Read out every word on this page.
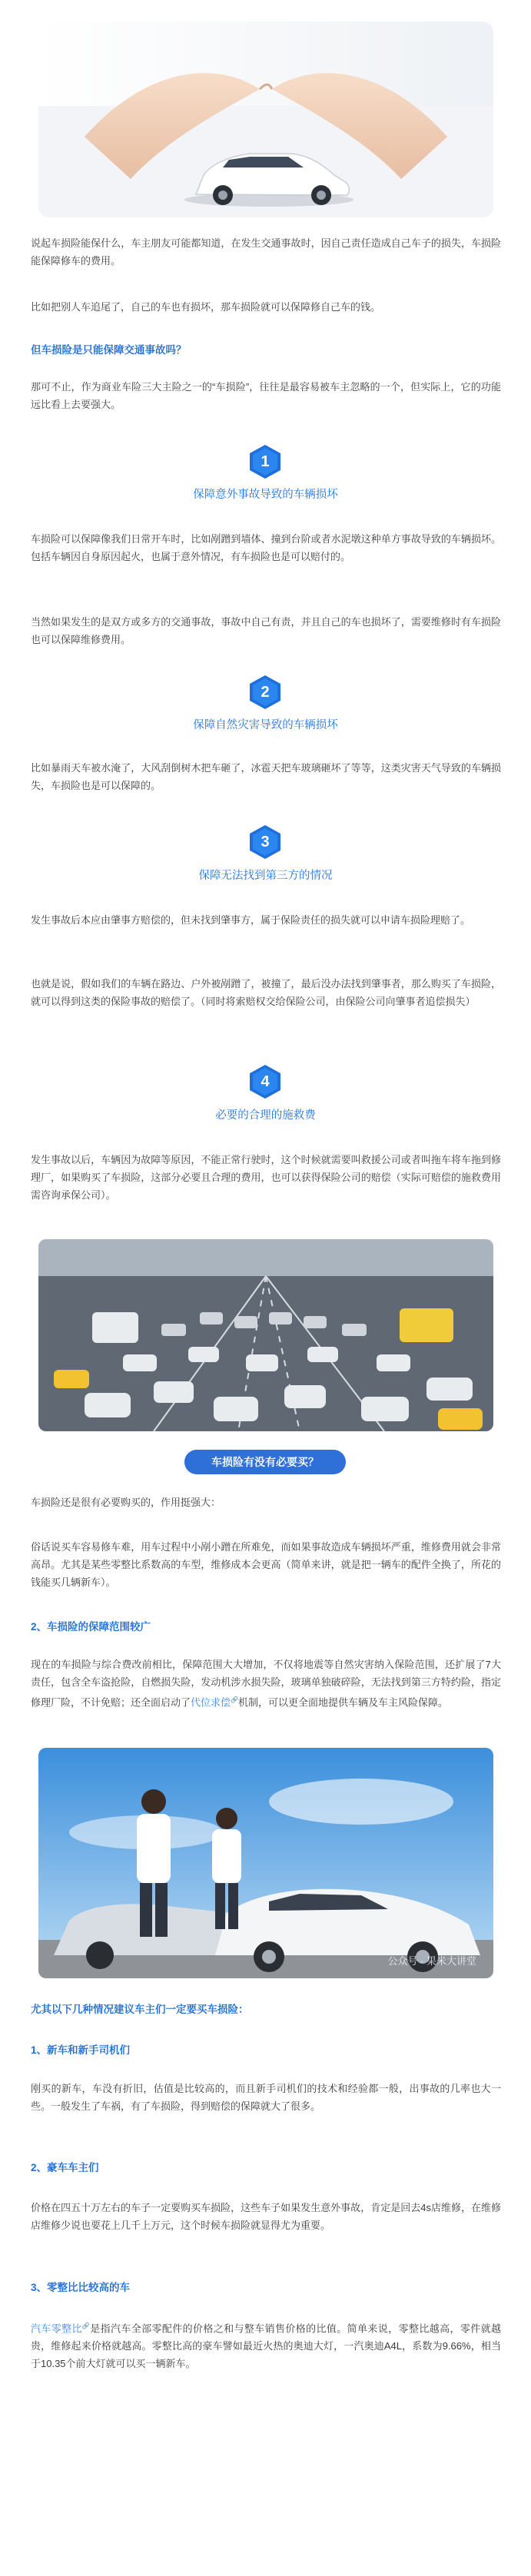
说起车损险能保什么，车主朋友可能都知道，在发生交通事故时，因自己责任造成自己车子的损失，车损险能保障修车的费用。

比如把别人车追尾了，自己的车也有损坏，那车损险就可以保障修自己车的钱。

但车损险是只能保障交通事故吗？

那可不止，作为商业车险三大主险之一的“车损险”，往往是最容易被车主忽略的一个，但实际上，它的功能远比看上去要强大。

1

保障意外事故导致的车辆损坏

车损险可以保障像我们日常开车时，比如剐蹭到墙体、撞到台阶或者水泥墩这种单方事故导致的车辆损坏。包括车辆因自身原因起火，也属于意外情况，有车损险也是可以赔付的。

当然如果发生的是双方或多方的交通事故，事故中自己有责，并且自己的车也损坏了，需要维修时有车损险也可以保障维修费用。

2

保障自然灾害导致的车辆损坏

比如暴雨天车被水淹了，大风刮倒树木把车砸了，冰雹天把车玻璃砸坏了等等，这类灾害天气导致的车辆损失，车损险也是可以保障的。

3

保障无法找到第三方的情况

发生事故后本应由肇事方赔偿的，但未找到肇事方，属于保险责任的损失就可以申请车损险理赔了。

也就是说，假如我们的车辆在路边、户外被剐蹭了，被撞了，最后没办法找到肇事者，那么购买了车损险，就可以得到这类的保险事故的赔偿了。（同时将索赔权交给保险公司，由保险公司向肇事者追偿损失）

4

必要的合理的施救费

发生事故以后，车辆因为故障等原因，不能正常行驶时，这个时候就需要叫救援公司或者叫拖车将车拖到修理厂，如果购买了车损险，这部分必要且合理的费用，也可以获得保险公司的赔偿（实际可赔偿的施救费用需咨询承保公司）。

车损险有没有必要买？

车损险还是很有必要购买的，作用挺强大：

俗话说买车容易修车难，用车过程中小剐小蹭在所难免，而如果事故造成车辆损坏严重，维修费用就会非常高昂。尤其是某些零整比系数高的车型，维修成本会更高（简单来讲，就是把一辆车的配件全换了，所花的钱能买几辆新车）。

2、车损险的保障范围较广

现在的车损险与综合费改前相比，保障范围大大增加，不仅将地震等自然灾害纳入保险范围，还扩展了7大责任，包含全车盗抢险，自燃损失险，发动机涉水损失险，玻璃单独破碎险，无法找到第三方特约险，指定修理厂险，不计免赔；还全面启动了代位求偿🔗机制，可以更全面地提供车辆及车主风险保障。

公众号 · 果米大讲堂

尤其以下几种情况建议车主们一定要买车损险：

1、新车和新手司机们

刚买的新车，车没有折旧，估值是比较高的，而且新手司机们的技术和经验都一般，出事故的几率也大一些。一般发生了车祸，有了车损险，得到赔偿的保障就大了很多。

2、豪车车主们

价格在四五十万左右的车子一定要购买车损险，这些车子如果发生意外事故，肯定是回去4s店维修，在维修店维修少说也要花上几千上万元，这个时候车损险就显得尤为重要。

3、零整比比较高的车

汽车零整比🔗是指汽车全部零配件的价格之和与整车销售价格的比值。简单来说，零整比越高，零件就越贵，维修起来价格就越高。零整比高的豪车譬如最近火热的奥迪大灯，一汽奥迪A4L，系数为9.66%，相当于10.35个前大灯就可以买一辆新车。
